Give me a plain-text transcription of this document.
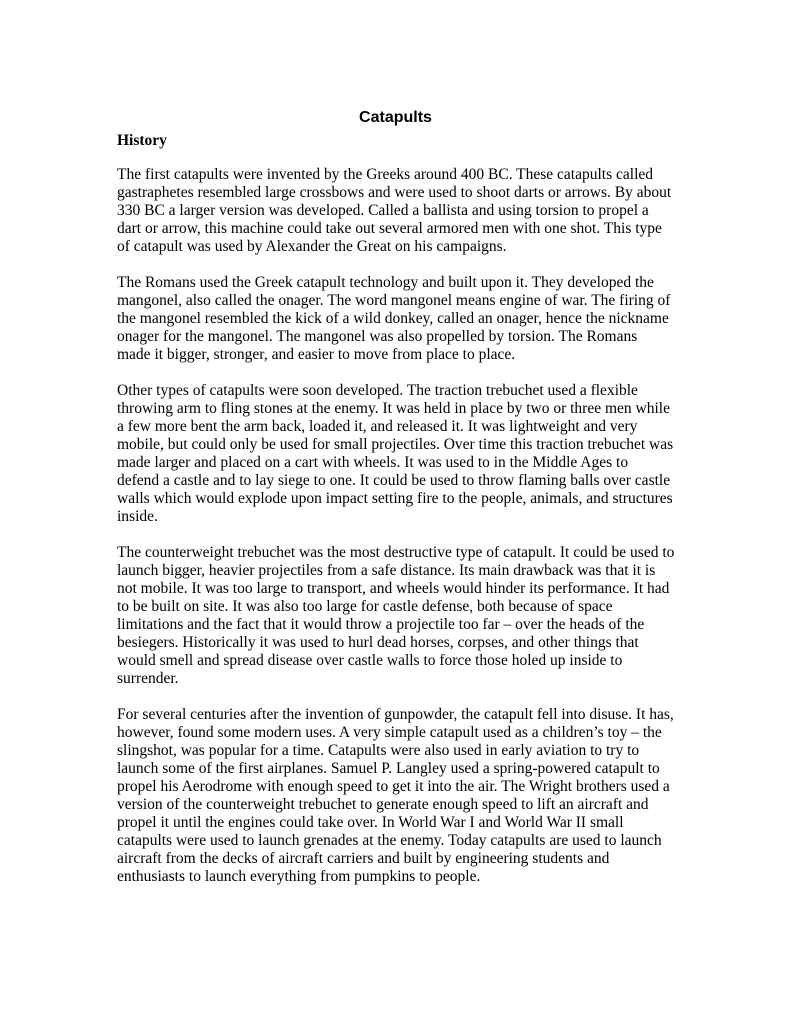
Catapults
History

The first catapults were invented by the Greeks around 400 BC. These catapults called
gastraphetes resembled large crossbows and were used to shoot darts or arrows. By about
330 BC a larger version was developed. Called a ballista and using torsion to propel a
dart or arrow, this machine could take out several armored men with one shot. This type
of catapult was used by Alexander the Great on his campaigns.

The Romans used the Greek catapult technology and built upon it. They developed the
mangonel, also called the onager. The word mangonel means engine of war. The firing of
the mangonel resembled the kick of a wild donkey, called an onager, hence the nickname
onager for the mangonel. The mangonel was also propelled by torsion. The Romans
made it bigger, stronger, and easier to move from place to place.

Other types of catapults were soon developed. The traction trebuchet used a flexible
throwing arm to fling stones at the enemy. It was held in place by two or three men while
a few more bent the arm back, loaded it, and released it. It was lightweight and very
mobile, but could only be used for small projectiles. Over time this traction trebuchet was
made larger and placed on a cart with wheels. It was used to in the Middle Ages to
defend a castle and to lay siege to one. It could be used to throw flaming balls over castle
walls which would explode upon impact setting fire to the people, animals, and structures
inside.

The counterweight trebuchet was the most destructive type of catapult. It could be used to
launch bigger, heavier projectiles from a safe distance. Its main drawback was that it is
not mobile. It was too large to transport, and wheels would hinder its performance. It had
to be built on site. It was also too large for castle defense, both because of space
limitations and the fact that it would throw a projectile too far – over the heads of the
besiegers. Historically it was used to hurl dead horses, corpses, and other things that
would smell and spread disease over castle walls to force those holed up inside to
surrender.

For several centuries after the invention of gunpowder, the catapult fell into disuse. It has,
however, found some modern uses. A very simple catapult used as a children’s toy – the
slingshot, was popular for a time. Catapults were also used in early aviation to try to
launch some of the first airplanes. Samuel P. Langley used a spring-powered catapult to
propel his Aerodrome with enough speed to get it into the air. The Wright brothers used a
version of the counterweight trebuchet to generate enough speed to lift an aircraft and
propel it until the engines could take over. In World War I and World War II small
catapults were used to launch grenades at the enemy. Today catapults are used to launch
aircraft from the decks of aircraft carriers and built by engineering students and
enthusiasts to launch everything from pumpkins to people.
